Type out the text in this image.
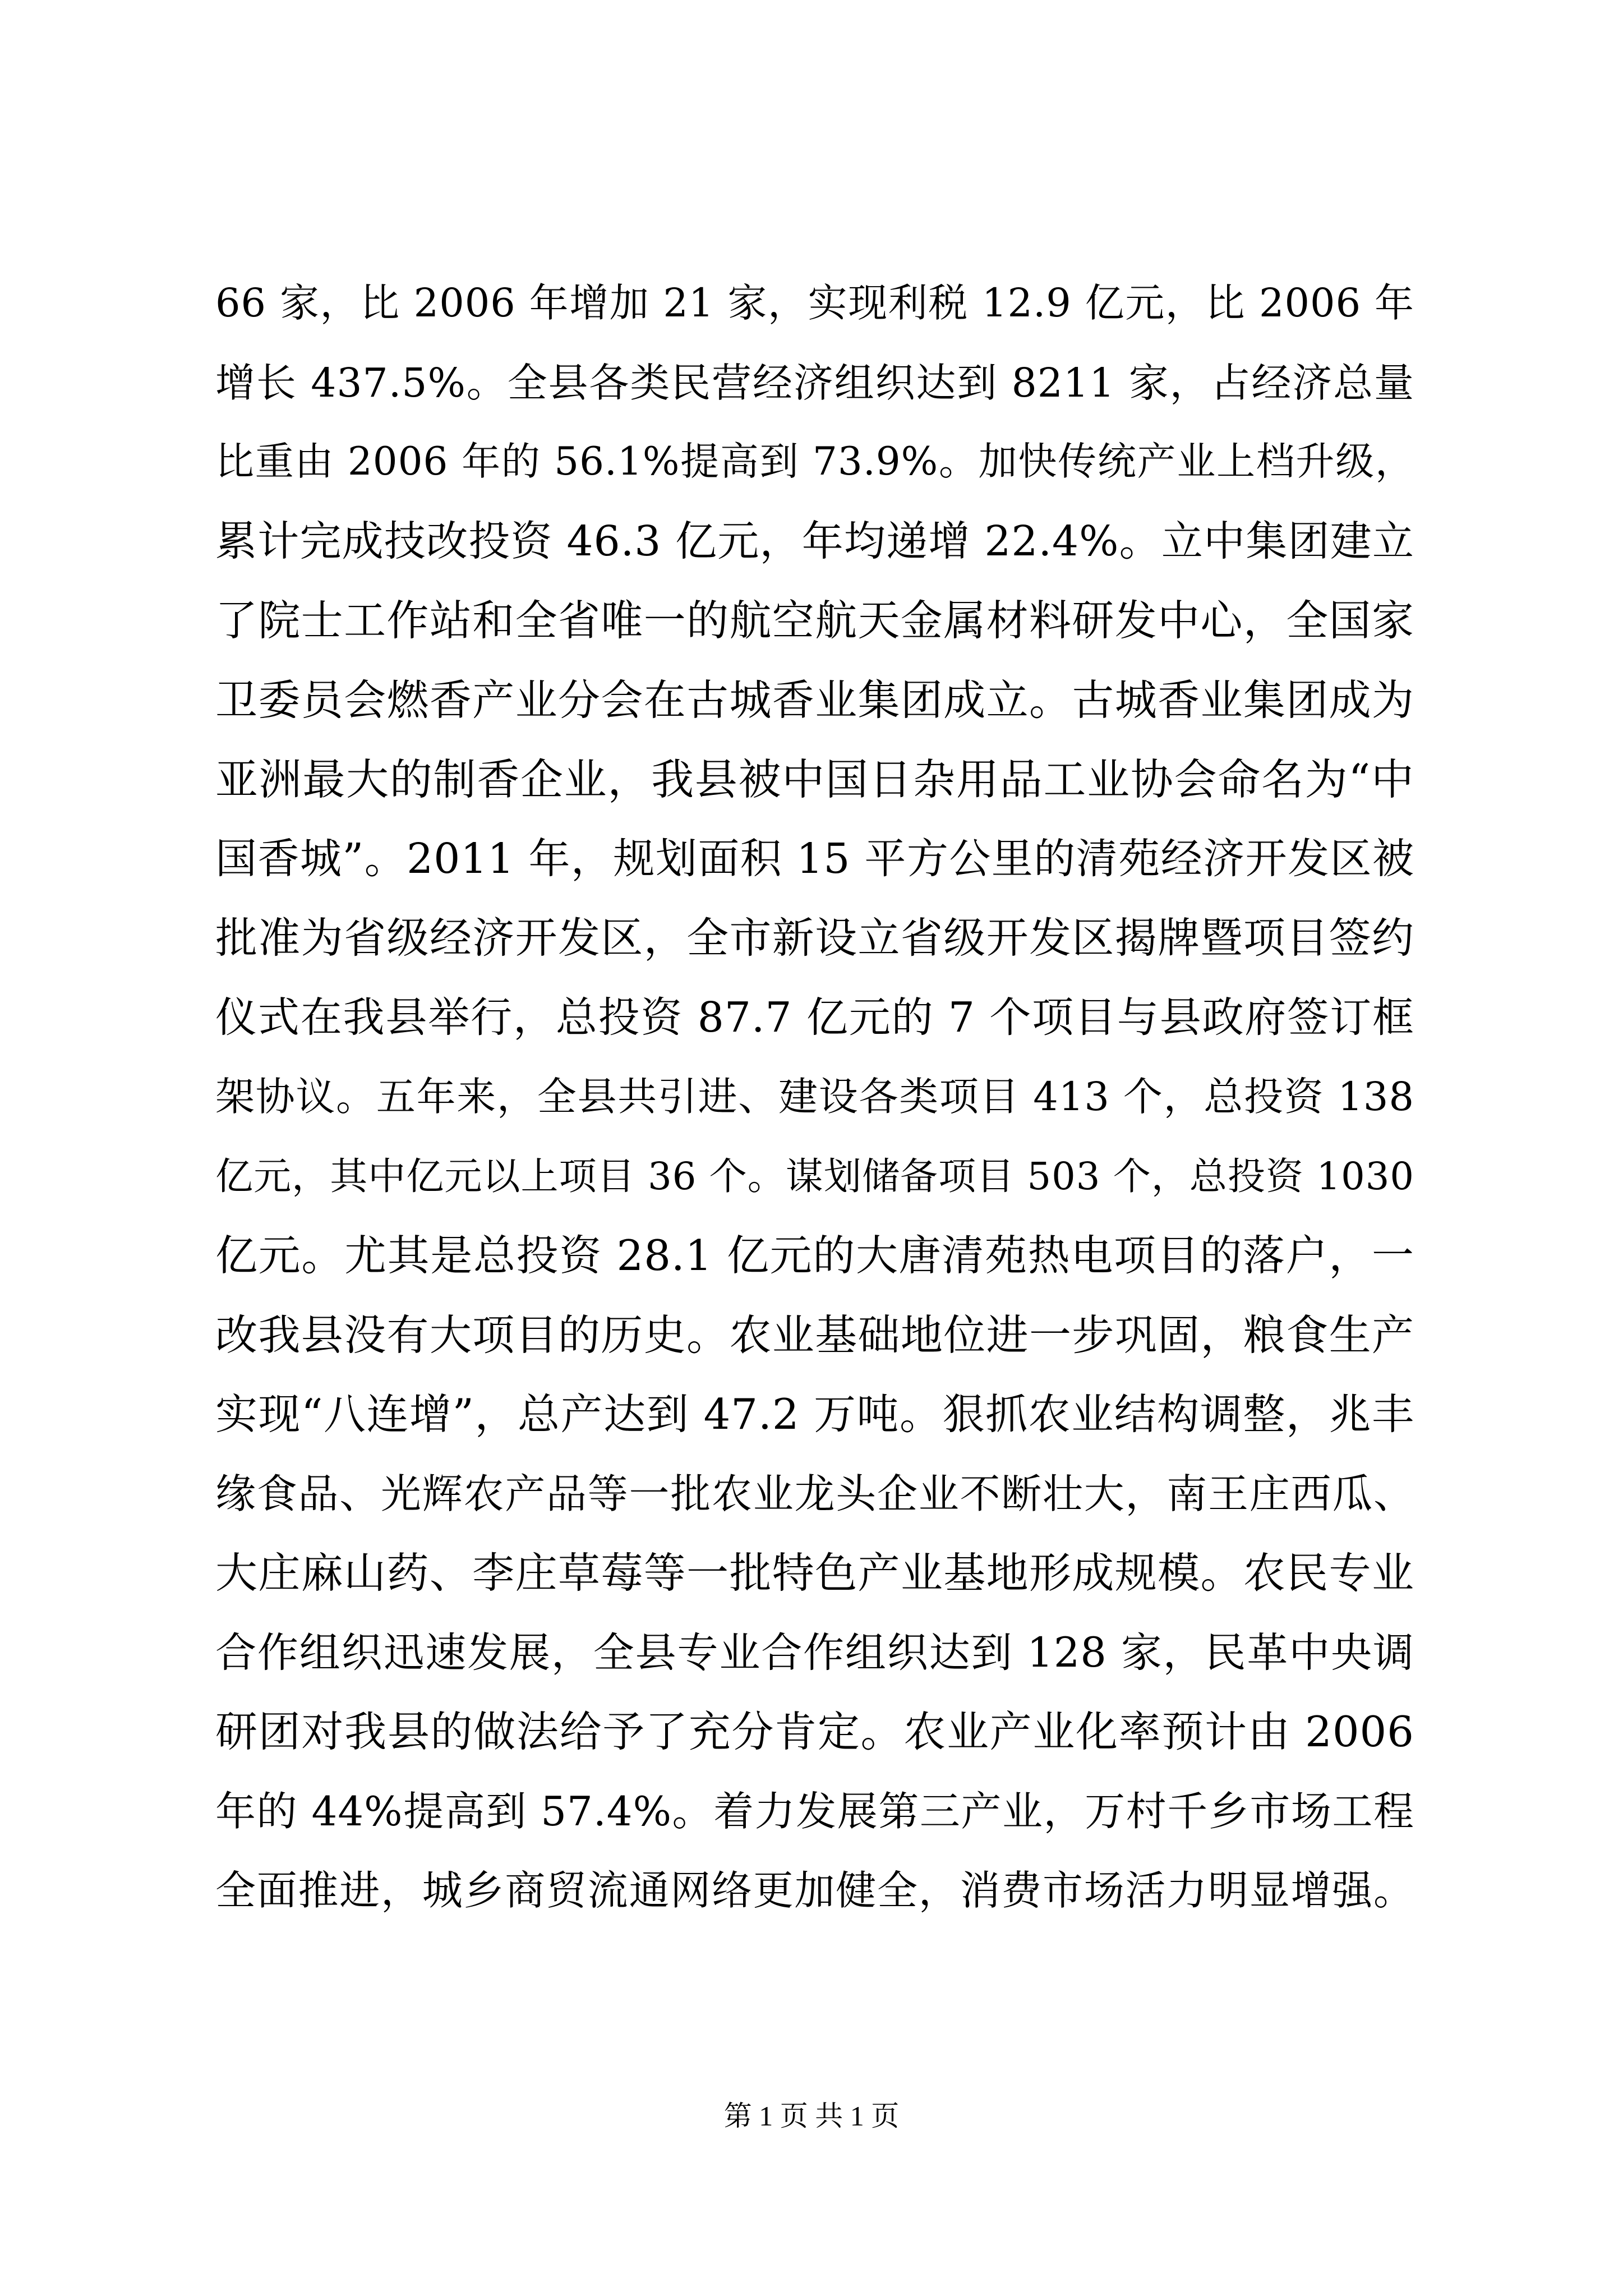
66 家，比 2006 年增加 21 家，实现利税 12.9 亿元，比 2006 年
增长 437.5%。全县各类民营经济组织达到 8211 家，占经济总量
比重由 2006 年的 56.1%提高到 73.9%。加快传统产业上档升级，
累计完成技改投资 46.3 亿元，年均递增 22.4%。立中集团建立
了院士工作站和全省唯一的航空航天金属材料研发中心，全国家
卫委员会燃香产业分会在古城香业集团成立。古城香业集团成为
亚洲最大的制香企业，我县被中国日杂用品工业协会命名为“中
国香城”。2011 年，规划面积 15 平方公里的清苑经济开发区被
批准为省级经济开发区，全市新设立省级开发区揭牌暨项目签约
仪式在我县举行，总投资 87.7 亿元的 7 个项目与县政府签订框
架协议。五年来，全县共引进、建设各类项目 413 个，总投资 138
亿元，其中亿元以上项目 36 个。谋划储备项目 503 个，总投资 1030
亿元。尤其是总投资 28.1 亿元的大唐清苑热电项目的落户，一
改我县没有大项目的历史。农业基础地位进一步巩固，粮食生产
实现“八连增”，总产达到 47.2 万吨。狠抓农业结构调整，兆丰
缘食品、光辉农产品等一批农业龙头企业不断壮大，南王庄西瓜、
大庄麻山药、李庄草莓等一批特色产业基地形成规模。农民专业
合作组织迅速发展，全县专业合作组织达到 128 家，民革中央调
研团对我县的做法给予了充分肯定。农业产业化率预计由 2006
年的 44%提高到 57.4%。着力发展第三产业，万村千乡市场工程
全面推进，城乡商贸流通网络更加健全，消费市场活力明显增强。
第 1 页 共 1 页
